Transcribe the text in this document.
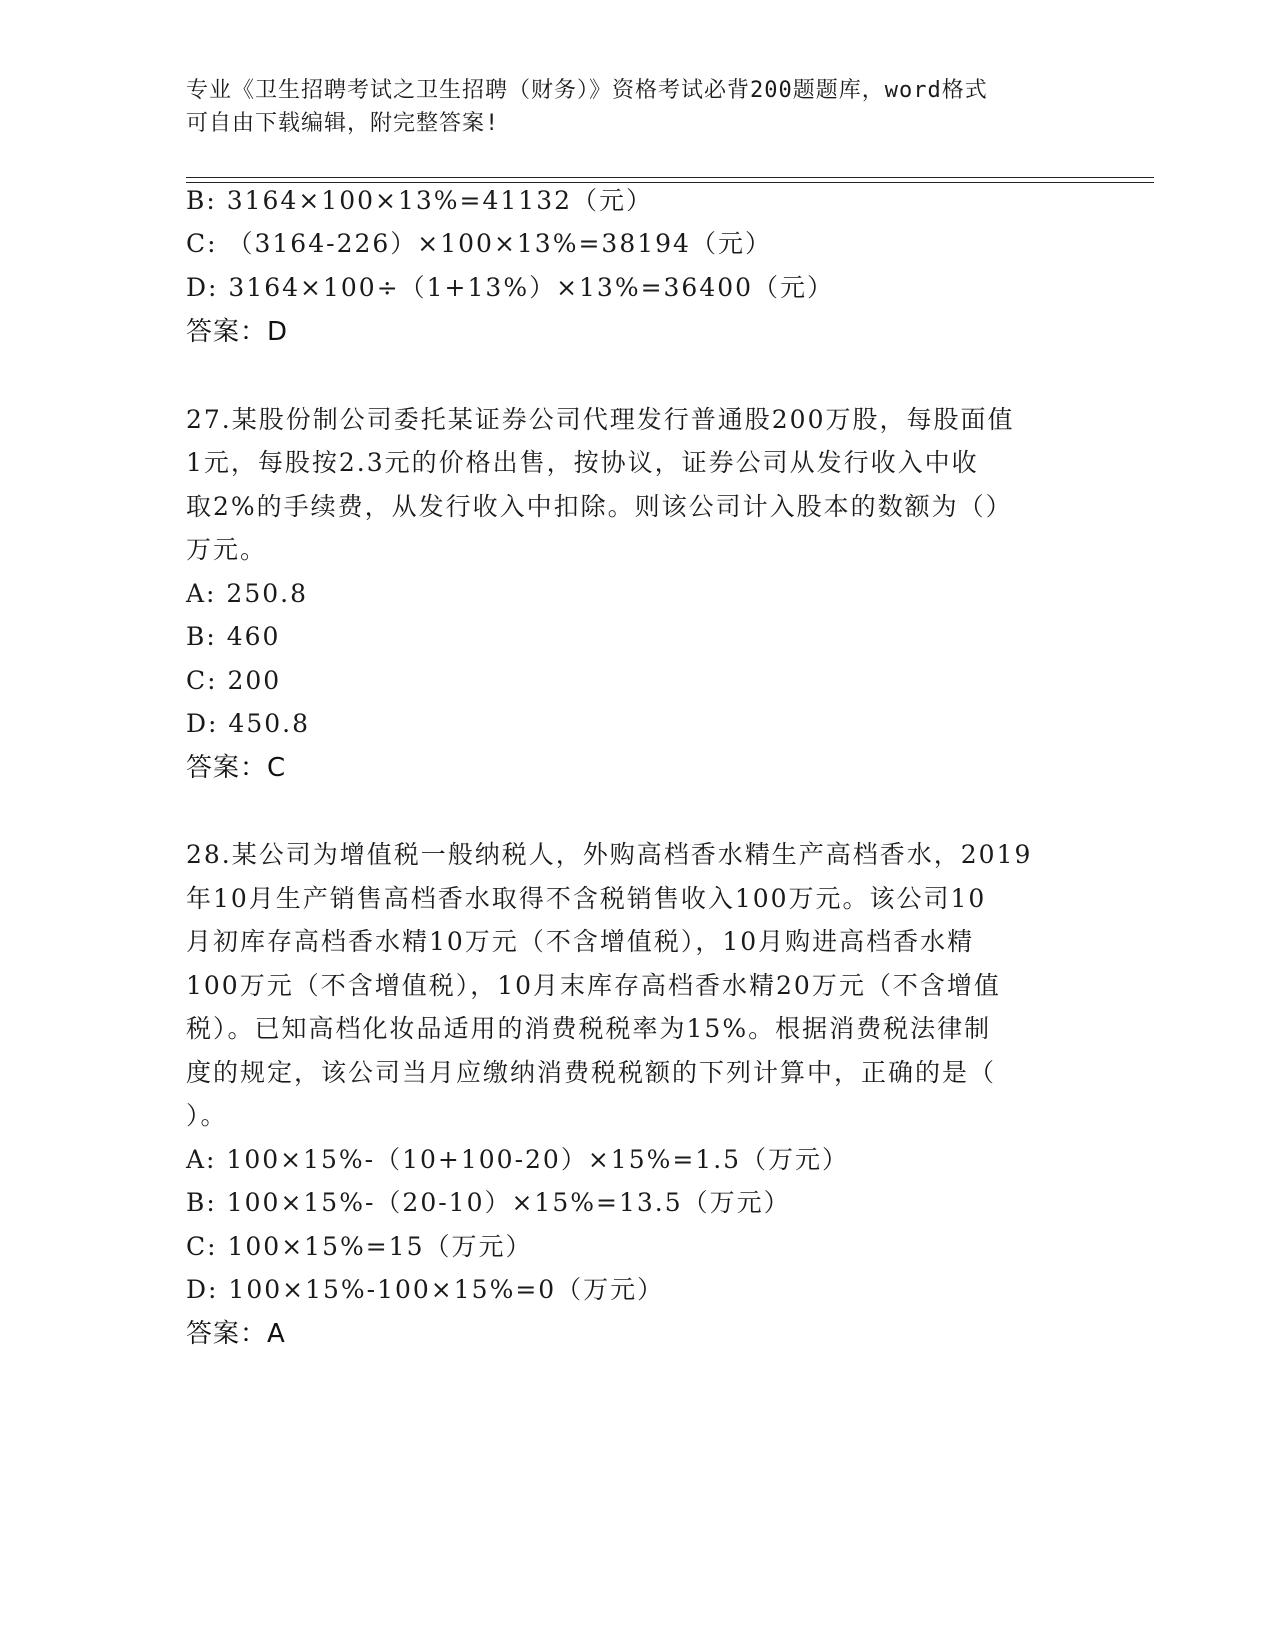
专业《卫生招聘考试之卫生招聘（财务）》资格考试必背200题题库，word格式
可自由下载编辑，附完整答案!
B: 3164×100×13%=41132（元）
C: （3164-226）×100×13%=38194（元）
D: 3164×100÷（1+13%）×13%=36400（元）
答案：D
27.某股份制公司委托某证券公司代理发行普通股200万股，每股面值
1元，每股按2.3元的价格出售，按协议，证券公司从发行收入中收
取2%的手续费，从发行收入中扣除。则该公司计入股本的数额为（）
万元。
A: 250.8
B: 460
C: 200
D: 450.8
答案：C
28.某公司为增值税一般纳税人，外购高档香水精生产高档香水，2019
年10月生产销售高档香水取得不含税销售收入100万元。该公司10
月初库存高档香水精10万元（不含增值税），10月购进高档香水精
100万元（不含增值税），10月末库存高档香水精20万元（不含增值
税）。已知高档化妆品适用的消费税税率为15%。根据消费税法律制
度的规定，该公司当月应缴纳消费税税额的下列计算中，正确的是（
）。
A: 100×15%-（10+100-20）×15%=1.5（万元）
B: 100×15%-（20-10）×15%=13.5（万元）
C: 100×15%=15（万元）
D: 100×15%-100×15%=0（万元）
答案：A
